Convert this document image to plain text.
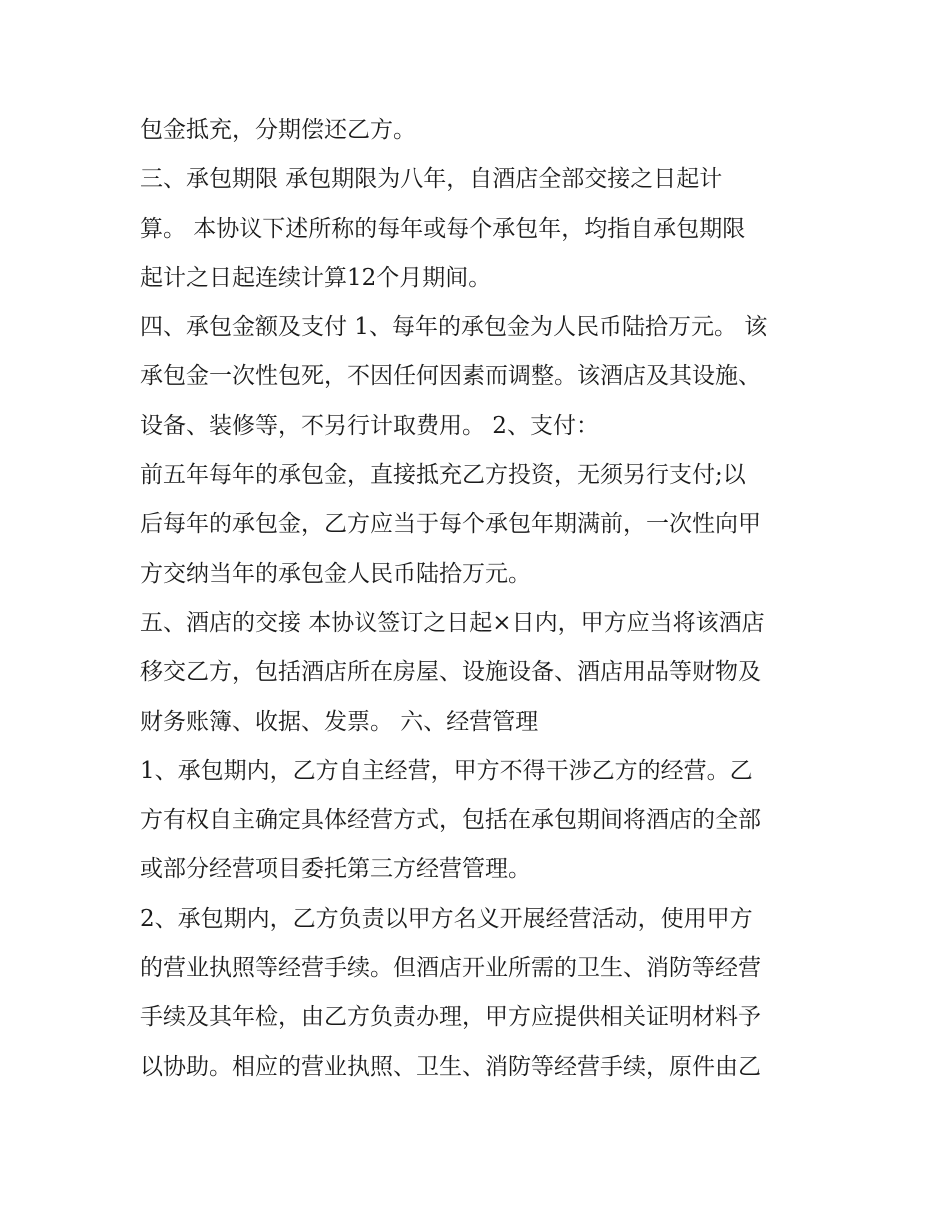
包金抵充，分期偿还乙方。
三、承包期限 承包期限为八年，自酒店全部交接之日起计
算。 本协议下述所称的每年或每个承包年，均指自承包期限
起计之日起连续计算12个月期间。
四、承包金额及支付 1、每年的承包金为人民币陆拾万元。 该
承包金一次性包死，不因任何因素而调整。该酒店及其设施、
设备、装修等，不另行计取费用。 2、支付：
前五年每年的承包金，直接抵充乙方投资，无须另行支付;以
后每年的承包金，乙方应当于每个承包年期满前，一次性向甲
方交纳当年的承包金人民币陆拾万元。
五、酒店的交接 本协议签订之日起×日内，甲方应当将该酒店
移交乙方，包括酒店所在房屋、设施设备、酒店用品等财物及
财务账簿、收据、发票。 六、经营管理
1、承包期内，乙方自主经营，甲方不得干涉乙方的经营。乙
方有权自主确定具体经营方式，包括在承包期间将酒店的全部
或部分经营项目委托第三方经营管理。
2、承包期内，乙方负责以甲方名义开展经营活动，使用甲方
的营业执照等经营手续。但酒店开业所需的卫生、消防等经营
手续及其年检，由乙方负责办理，甲方应提供相关证明材料予
以协助。相应的营业执照、卫生、消防等经营手续，原件由乙
